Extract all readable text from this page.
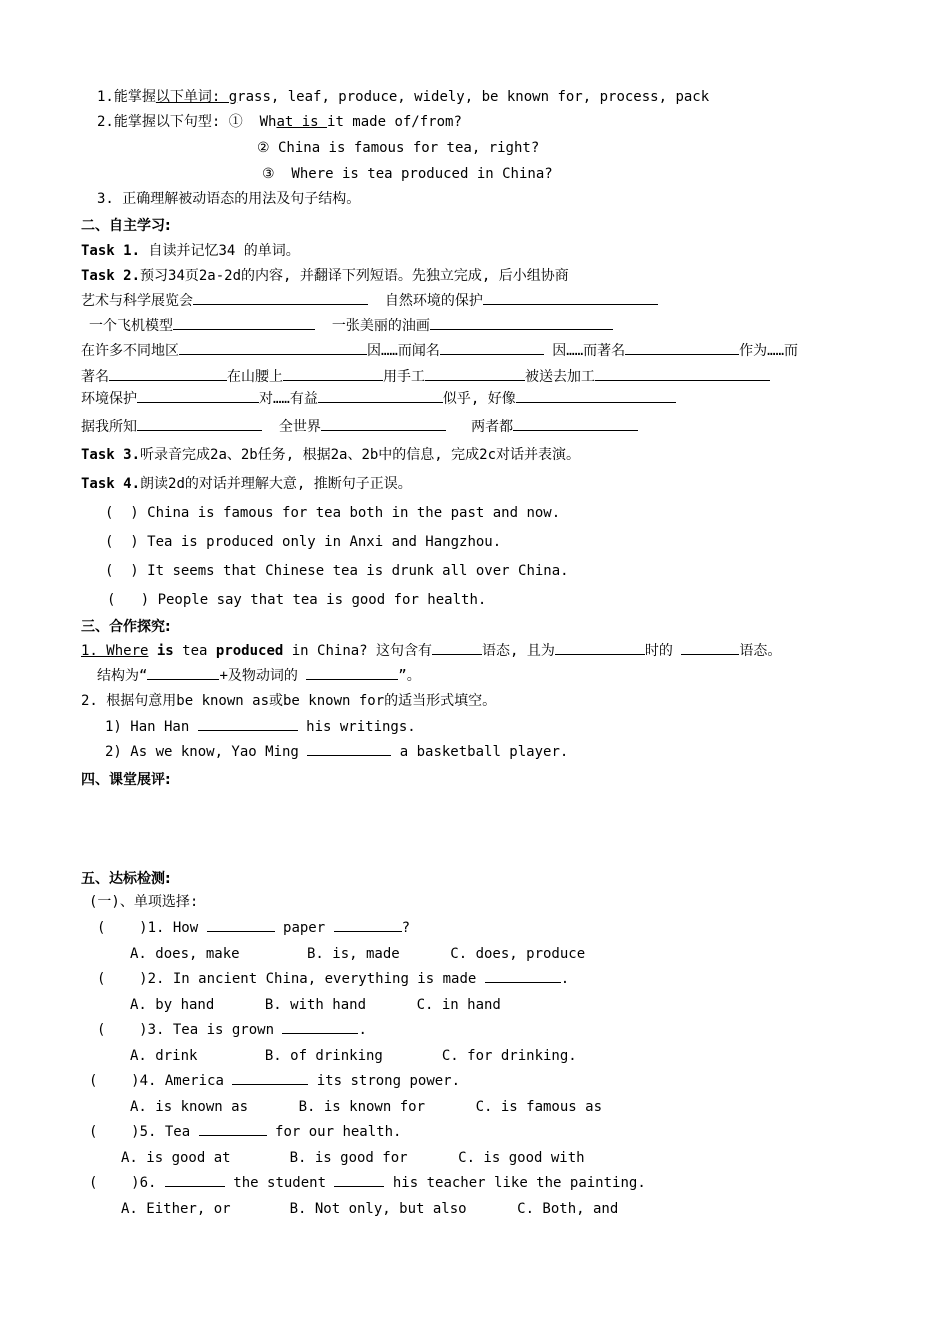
1.能掌握以下单词: grass, leaf, produce, widely, be known for, process, pack
2.能掌握以下句型: ①  What is it made of/from?
② China is famous for tea, right?
③  Where is tea produced in China?
3. 正确理解被动语态的用法及句子结构。
二、自主学习:
Task 1. 自读并记忆34 的单词。
Task 2.预习34页2a-2d的内容, 并翻译下列短语。先独立完成, 后小组协商
艺术与科学展览会	自然环境的保护
一个飞机模型	一张美丽的油画
在许多不同地区	因……而闻名	因……而著名	作为……而
著名	在山腰上	用手工	被送去加工
环境保护	对……有益	似乎, 好像
据我所知	全世界	两者都
Task 3.听录音完成2a、2b任务, 根据2a、2b中的信息, 完成2c对话并表演。
Task 4.朗读2d的对话并理解大意, 推断句子正误。
(  ) China is famous for tea both in the past and now.
(  ) Tea is produced only in Anxi and Hangzhou.
(  ) It seems that Chinese tea is drunk all over China.
(   ) People say that tea is good for health.
三、合作探究:
1. Where is tea produced in China? 这句含有	语态, 且为	时的	语态。
结构为“	+及物动词的	”。
2. 根据句意用be known as或be known for的适当形式填空。
1) Han Han	his writings.
2) As we know, Yao Ming	a basketball player.
四、课堂展评:
五、达标检测:
(一)、单项选择:
(    )1. How	paper	?
A. does, make        B. is, made      C. does, produce
(    )2. In ancient China, everything is made	.
A. by hand      B. with hand      C. in hand
(    )3. Tea is grown	.
A. drink        B. of drinking       C. for drinking.
(    )4. America	its strong power.
A. is known as      B. is known for      C. is famous as
(    )5. Tea	for our health.
A. is good at       B. is good for      C. is good with
(    )6.	the student	his teacher like the painting.
A. Either, or       B. Not only, but also      C. Both, and
